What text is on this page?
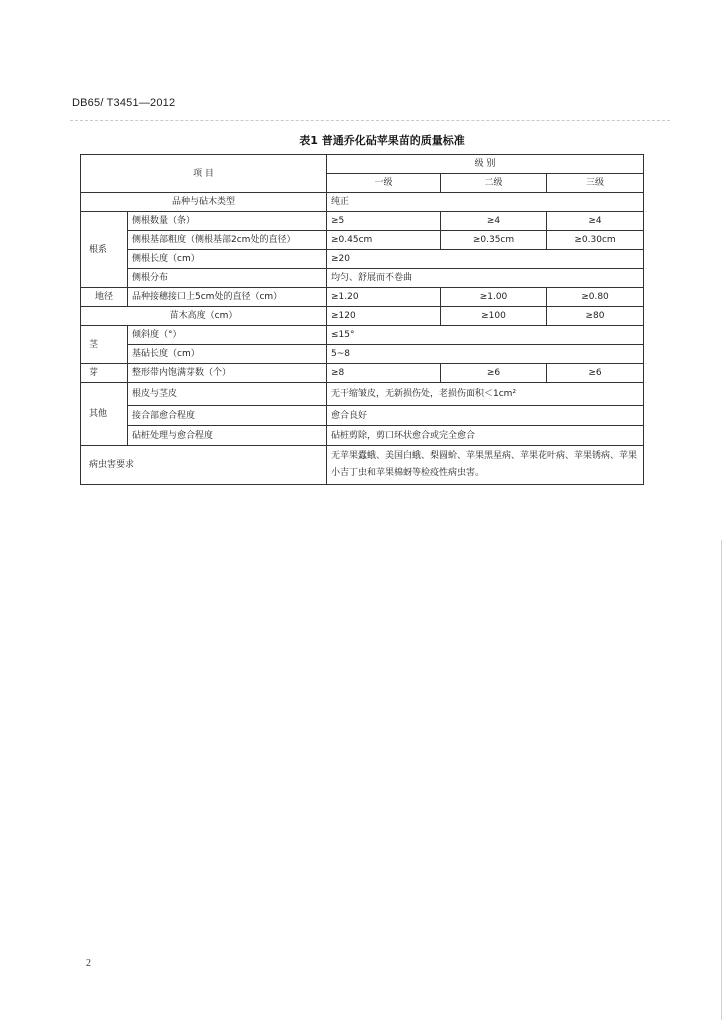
DB65/ T3451—2012
表1 普通乔化砧苹果苗的质量标准
项 目		级 别		
		一级	二级	三级
品种与砧木类型		纯正		
根系	侧根数量（条）	≥5	≥4	≥4
	侧根基部粗度（侧根基部2cm处的直径）	≥0.45cm	≥0.35cm	≥0.30cm
	侧根长度（cm）	≥20		
	侧根分布	均匀、舒展而不卷曲		
地径	品种接穗接口上5cm处的直径（cm）	≥1.20	≥1.00	≥0.80
苗木高度（cm）		≥120	≥100	≥80
茎	倾斜度（°）	≤15°		
	基砧长度（cm）	5~8		
芽	整形带内饱满芽数（个）	≥8	≥6	≥6
其他	根皮与茎皮	无干缩皱皮，无新损伤处，老损伤面积＜1cm²		
	接合部愈合程度	愈合良好		
	砧桩处理与愈合程度	砧桩剪除，剪口环状愈合或完全愈合		
病虫害要求		无苹果蠹蛾、美国白蛾、梨圆蚧、苹果黑星病、苹果花叶病、苹果锈病、苹果小吉丁虫和苹果棉蚜等检疫性病虫害。		
2
